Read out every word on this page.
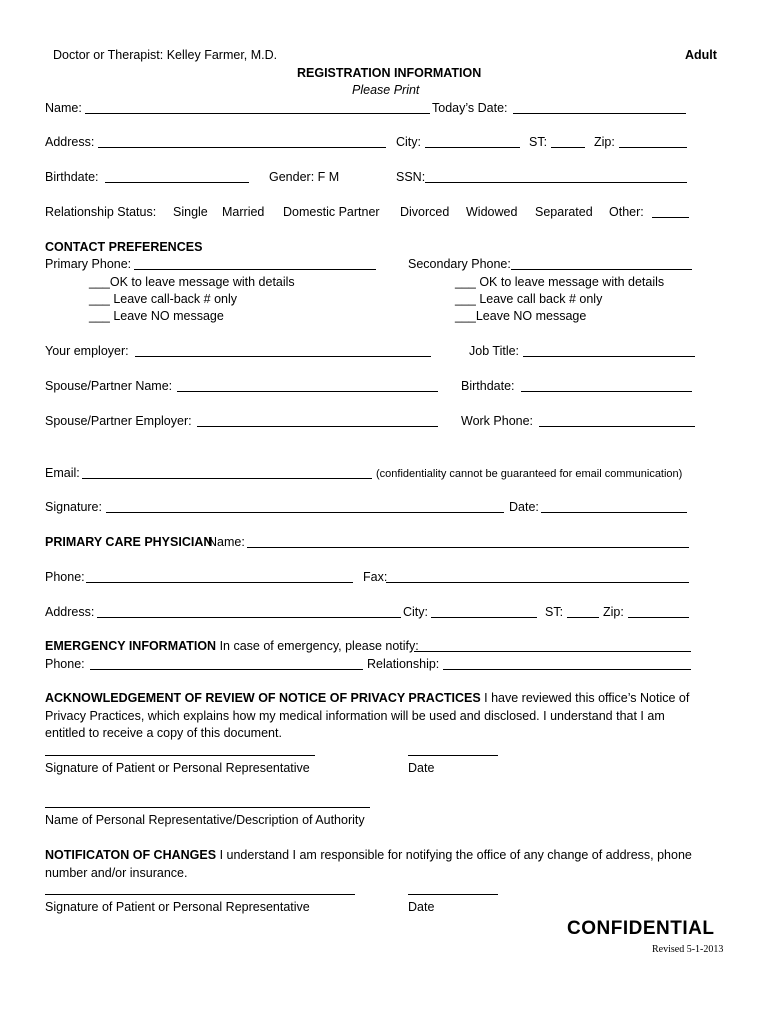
Doctor or Therapist: Kelley Farmer, M.D.	Adult
REGISTRATION INFORMATION
Please Print
Name:	Today’s Date:
Address:	City:	ST:	Zip:
Birthdate:	Gender: F M	SSN:
Relationship Status: Single Married Domestic Partner Divorced Widowed Separated Other:
CONTACT PREFERENCES
Primary Phone:	Secondary Phone:
___OK to leave message with details
___ Leave call-back # only
___ Leave NO message
___ OK to leave message with details
___ Leave call back # only
___Leave NO message
Your employer:	Job Title:
Spouse/Partner Name:	Birthdate:
Spouse/Partner Employer:	Work Phone:
Email:	(confidentiality cannot be guaranteed for email communication)
Signature:	Date:
PRIMARY CARE PHYSICIAN
Name:
Phone:	Fax:
Address:	City:	ST:	Zip:
EMERGENCY INFORMATION In case of emergency, please notify:
Phone:	Relationship:
ACKNOWLEDGEMENT OF REVIEW OF NOTICE OF PRIVACY PRACTICES I have reviewed this office’s Notice of Privacy Practices, which explains how my medical information will be used and disclosed. I understand that I am entitled to receive a copy of this document.
Signature of Patient or Personal Representative	Date
Name of Personal Representative/Description of Authority
NOTIFICATON OF CHANGES I understand I am responsible for notifying the office of any change of address, phone number and/or insurance.
Signature of Patient or Personal Representative	Date
CONFIDENTIAL
Revised 5-1-2013
